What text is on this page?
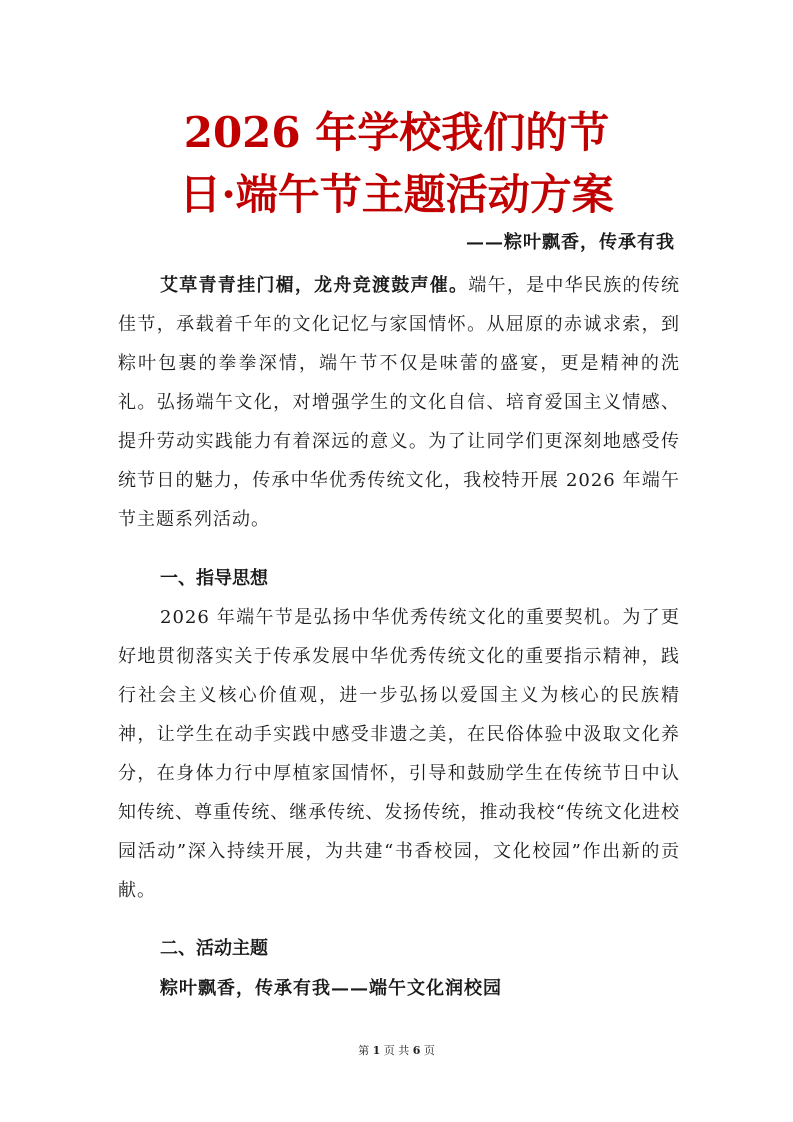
2026 年学校我们的节
日·端午节主题活动方案
——粽叶飘香，传承有我

艾草青青挂门楣，龙舟竞渡鼓声催。端午，是中华民族的传统佳节，承载着千年的文化记忆与家国情怀。从屈原的赤诚求索，到粽叶包裹的拳拳深情，端午节不仅是味蕾的盛宴，更是精神的洗礼。弘扬端午文化，对增强学生的文化自信、培育爱国主义情感、提升劳动实践能力有着深远的意义。为了让同学们更深刻地感受传统节日的魅力，传承中华优秀传统文化，我校特开展 2026 年端午节主题系列活动。

一、指导思想

2026 年端午节是弘扬中华优秀传统文化的重要契机。为了更好地贯彻落实关于传承发展中华优秀传统文化的重要指示精神，践行社会主义核心价值观，进一步弘扬以爱国主义为核心的民族精神，让学生在动手实践中感受非遗之美，在民俗体验中汲取文化养分，在身体力行中厚植家国情怀，引导和鼓励学生在传统节日中认知传统、尊重传统、继承传统、发扬传统，推动我校“传统文化进校园活动”深入持续开展，为共建“书香校园，文化校园”作出新的贡献。

二、活动主题
粽叶飘香，传承有我——端午文化润校园
第 1 页 共 6 页
